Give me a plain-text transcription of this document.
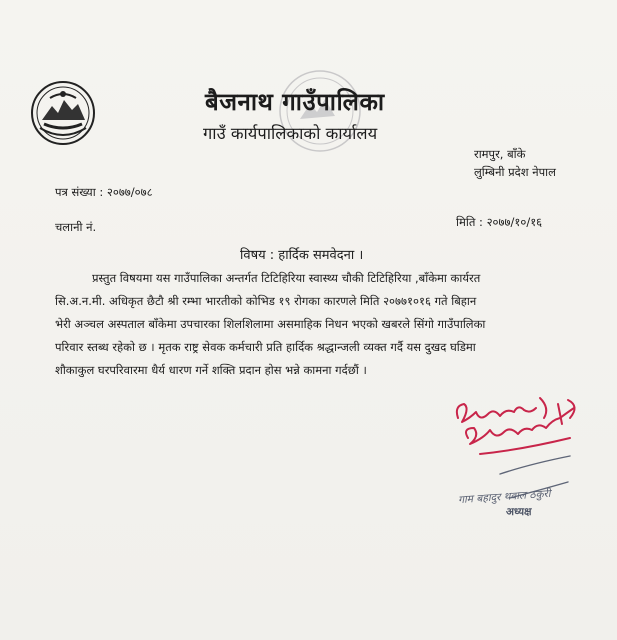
बैजनाथ गाउँपालिका
गाउँ कार्यपालिकाको कार्यालय
रामपुर, बाँके
लुम्बिनी प्रदेश नेपाल
पत्र संख्या : २०७७/०७८
चलानी नं.	मिति : २०७७/१०/१६
विषय : हार्दिक समवेदना ।
प्रस्तुत विषयमा यस गाउँपालिका अन्तर्गत टिटिहिरिया स्वास्थ्य चौकी टिटिहिरिया ,बाँकेमा कार्यरत
सि.अ.न.मी. अधिकृत छैटौ श्री रम्भा भारतीको कोभिड १९ रोगका कारणले मिति २०७७१०१६ गते बिहान
भेरी अञ्चल अस्पताल बाँकेमा उपचारका शिलशिलामा असमाहिक निधन भएको खबरले सिंगो गाउँपालिका
परिवार स्तब्ध रहेको छ । मृतक राष्ट्र सेवक कर्मचारी प्रति हार्दिक श्रद्धान्जली व्यक्त गर्दै यस दुखद घडिमा
शौकाकुल घरपरिवारमा धैर्य धारण गर्ने शक्ति प्रदान होस भन्ने कामना गर्दछौं ।
गाम बहादुर थवाल ठकुरी
अध्यक्ष
